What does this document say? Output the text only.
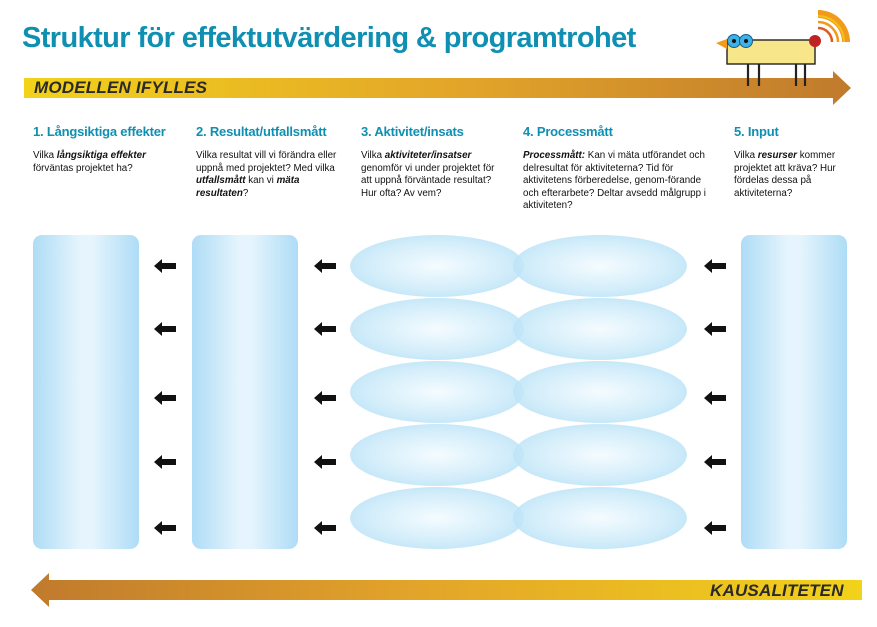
Struktur för effektutvärdering & programtrohet
MODELLEN IFYLLES
KAUSALITETEN
1. Långsiktiga effekter 2. Resultat/utfallsmått	3. Aktivitet/insats	4. Processmått	5. Input
Vilka långsiktiga effekter förväntas projektet ha?
Vilka resultat vill vi förändra eller uppnå med projektet? Med vilka utfallsmått kan vi mäta resultaten?
Vilka aktiviteter/insatser genomför vi under projektet för att uppnå förväntade resultat? Hur ofta? Av vem?
Processmått: Kan vi mäta utförandet och delresultat för aktiviteterna? Tid för aktivitetens förberedelse, genom-förande och efterarbete? Deltar avsedd målgrupp i aktiviteten?
Vilka resurser kommer projektet att kräva? Hur fördelas dessa på aktiviteterna?
